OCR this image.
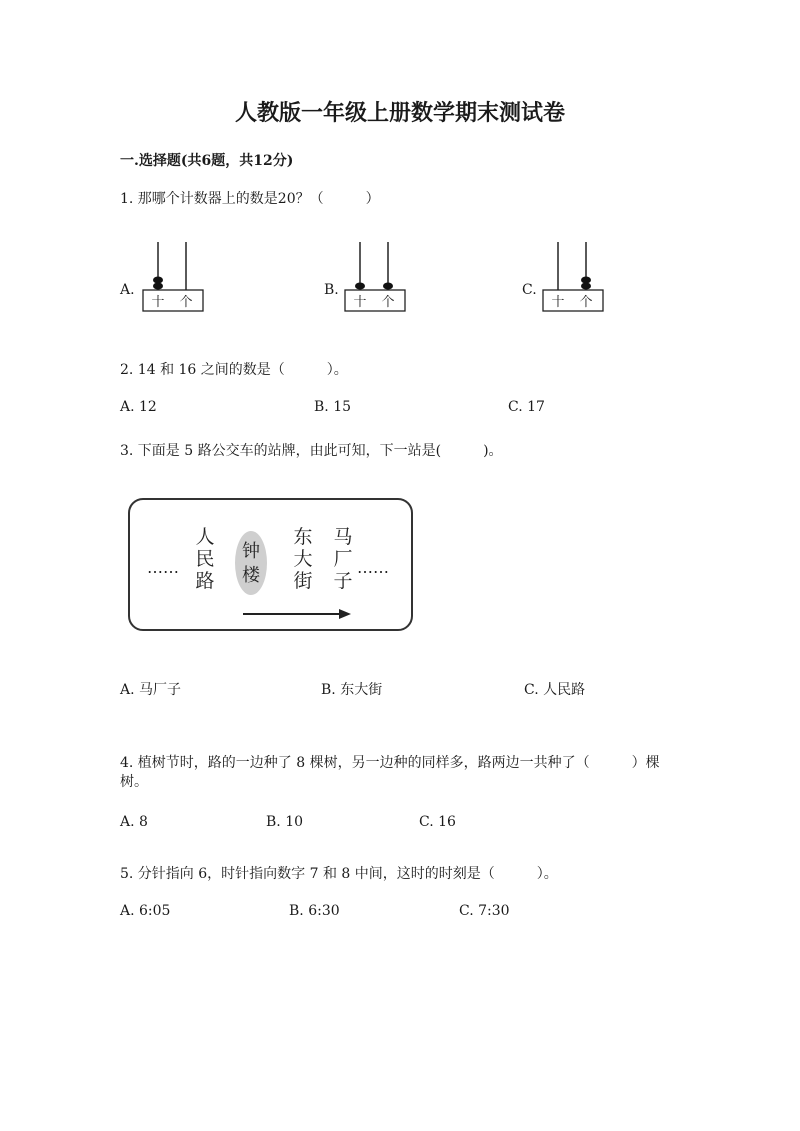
人教版一年级上册数学期末测试卷
一.选择题(共6题，共12分)
1. 那哪个计数器上的数是20？（　　　）
A.
十 个
B.
十 个
C.
十 个
2. 14 和 16 之间的数是（　　　）。
A. 12	B. 15	C. 17
3. 下面是 5 路公交车的站牌，由此可知，下一站是(　　　)。
……
人
民
路
钟
楼
东
大
街
马
厂
子
……
A. 马厂子	B. 东大街	C. 人民路
4. 植树节时，路的一边种了 8 棵树，另一边种的同样多，路两边一共种了（　　　）棵树。
A. 8	B. 10	C. 16
5. 分针指向 6，时针指向数字 7 和 8 中间，这时的时刻是（　　　）。
A. 6:05	B. 6:30	C. 7:30
